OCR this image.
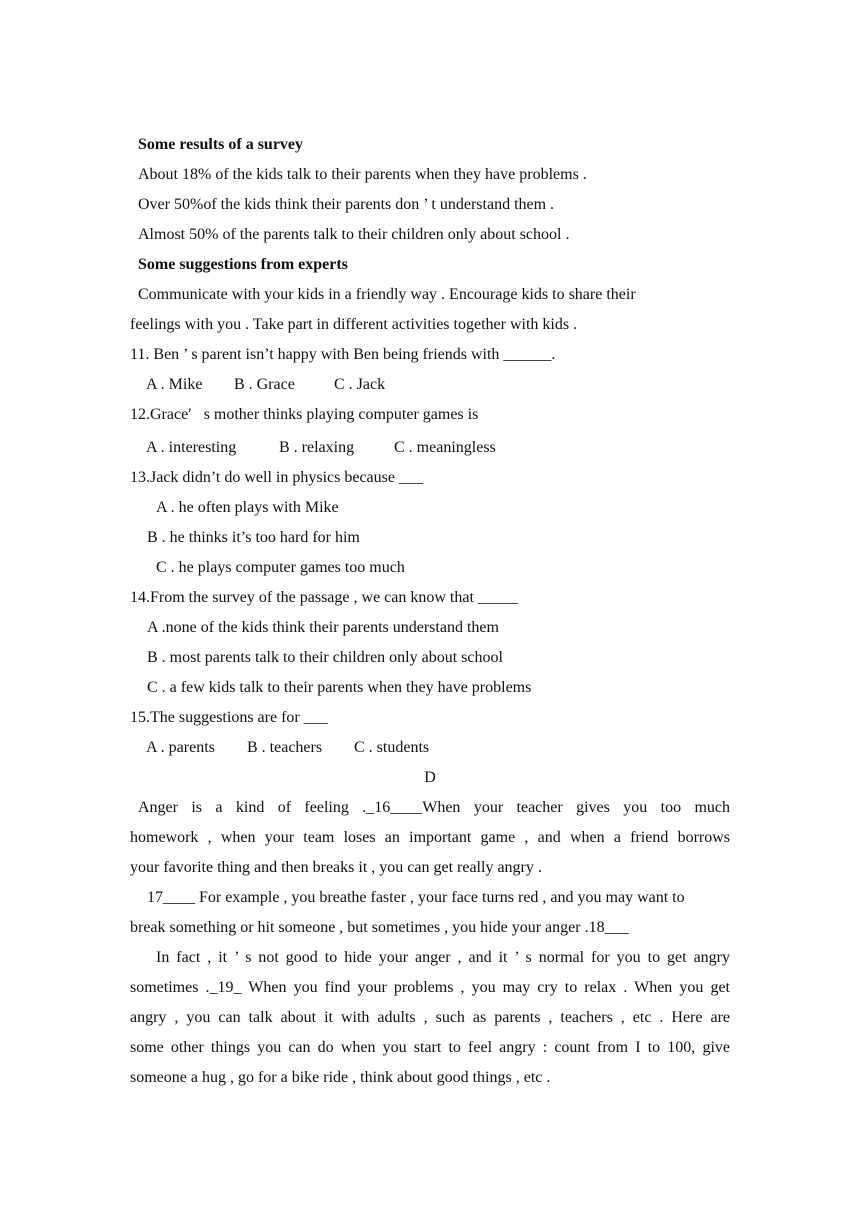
Some results of a survey
About 18% of the kids talk to their parents when they have problems .
Over 50%of the kids think their parents don ’ t understand them .
Almost 50% of the parents talk to their children only about school .
Some suggestions from experts
Communicate with your kids in a friendly way . Encourage kids to share their
feelings with you . Take part in different activities together with kids .
11. Ben ’ s parent isn’t happy with Ben being friends with ______.
A . Mike B . Grace C . Jack
12.Grace′   s mother thinks playing computer games is
A . interesting	B . relaxing C . meaningless
13.Jack didn’t do well in physics because ___
A . he often plays with Mike
B . he thinks it’s too hard for him
C . he plays computer games too much
14.From the survey of the passage , we can know that _____
A .none of the kids think their parents understand them
B . most parents talk to their children only about school
C . a few kids talk to their parents when they have problems
15.The suggestions are for ___
A . parents B . teachers C . students
D
Anger is a kind of feeling ._16____When your teacher gives you too much
homework , when your team loses an important game , and when a friend borrows
your favorite thing and then breaks it , you can get really angry .
17____ For example , you breathe faster , your face turns red , and you may want to
break something or hit someone , but sometimes , you hide your anger .18___
In fact , it ’ s not good to hide your anger , and it ’ s normal for you to get angry
sometimes ._19_ When you find your problems , you may cry to relax . When you get
angry , you can talk about it with adults , such as parents , teachers , etc . Here are
some other things you can do when you start to feel angry : count from I to 100, give
someone a hug , go for a bike ride , think about good things , etc .
